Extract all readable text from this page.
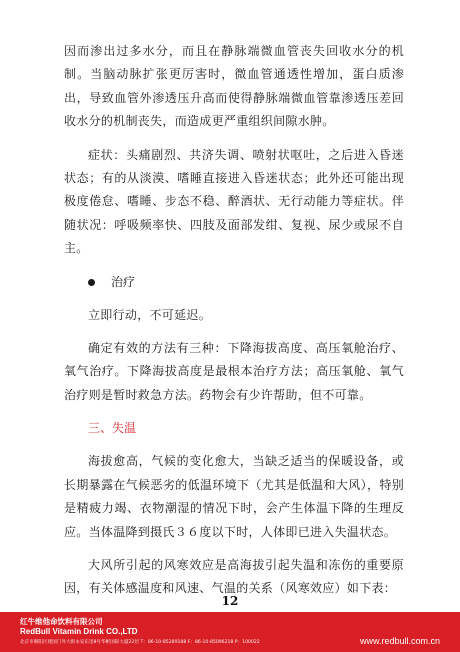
因而渗出过多水分，而且在静脉端微血管丧失回收水分的机制。当脑动脉扩张更厉害时，微血管通透性增加，蛋白质渗出，导致血管外渗透压升高而使得静脉端微血管靠渗透压差回收水分的机制丧失，而造成更严重组织间隙水肿。

症状：头痛剧烈、共济失调、喷射状呕吐，之后进入昏迷状态；有的从淡漠、嗜睡直接进入昏迷状态；此外还可能出现极度倦怠、嗜睡、步态不稳、醉酒状、无行动能力等症状。伴随状况：呼吸频率快、四肢及面部发绀、复视、尿少或尿不自主。

治疗

立即行动，不可延迟。

确定有效的方法有三种：下降海拔高度、高压氧舱治疗、氧气治疗。下降海拔高度是最根本治疗方法；高压氧舱、氧气治疗则是暂时救急方法。药物会有少许帮助，但不可靠。

三、失温

海拔愈高，气候的变化愈大，当缺乏适当的保暖设备，或长期暴露在气候恶劣的低温环境下（尤其是低温和大风），特别是精疲力竭、衣物潮湿的情况下时，会产生体温下降的生理反应。当体温降到摄氏３６度以下时，人体即已进入失温状态。

大风所引起的风寒效应是高海拔引起失温和冻伤的重要原因，有关体感温度和风速、气温的关系（风寒效应）如下表：

12
红牛维他命饮料有限公司
RedBull Vitamin Drink CO.,LTD
北京市朝阳区建国门外大街永安东里8号华彬国际大厦22层 T：86-10-85289188 F：86-10-85096218 P：100022	www.redbull.com.cn
